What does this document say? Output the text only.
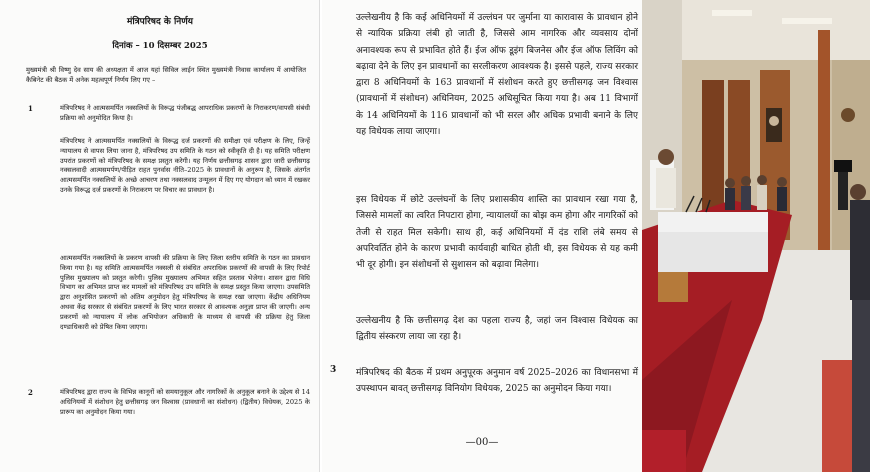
मंत्रिपरिषद के निर्णय
दिनांक – 10 दिसम्बर 2025
मुख्यमंत्री श्री विष्णु देव साय की अध्यक्षता में आज यहां सिविल लाईन स्थित मुख्यमंत्री निवास कार्यालय में आयोजित कैबिनेट की बैठक में अनेक महत्वपूर्ण निर्णय लिए गए –
1	मंत्रिपरिषद ने आत्मसमर्पित नक्सलियों के विरूद्ध पंजीबद्ध आपराधिक प्रकरणों के निराकरण/वापसी संबंधी प्रक्रिया को अनुमोदित किया है।
मंत्रिपरिषद ने आत्मसमर्पित नक्सलियों के विरूद्ध दर्ज प्रकरणों की समीक्षा एवं परीक्षण के लिए, जिन्हें न्यायालय से वापस लिया जाना है, मंत्रिपरिषद उप समिति के गठन को स्वीकृति दी है। यह समिति परीक्षण उपरांत प्रकरणों को मंत्रिपरिषद के समक्ष प्रस्तुत करेगी। यह निर्णय छत्तीसगढ़ शासन द्वारा जारी छत्तीसगढ़ नक्सलवादी आत्मसमर्पण/पीड़ित राहत पुनर्वास नीति–2025 के प्रावधानों के अनुरूप है, जिसके अंतर्गत आत्मसमर्पित नक्सलियों के अच्छे आचरण तथा नक्सलवाद उन्मूलन में दिए गए योगदान को ध्यान में रखकर उनके विरूद्ध दर्ज प्रकरणों के निराकरण पर विचार का प्रावधान है।
आत्मसमर्पित नक्सलियों के प्रकरण वापसी की प्रक्रिया के लिए जिला स्तरीय समिति के गठन का प्रावधान किया गया है। यह समिति आत्मसमर्पित नक्सली से संबंधित अपराधिक प्रकरणों की वापसी के लिए रिपोर्ट पुलिस मुख्यालय को प्रस्तुत करेगी। पुलिस मुख्यालय अभिमत सहित प्रस्ताव भेजेगा। शासन द्वारा विधि विभाग का अभिमत प्राप्त कर मामलों को मंत्रिपरिषद उप समिति के समक्ष प्रस्तुत किया जाएगा। उपसमिति द्वारा अनुशंसित प्रकरणों को अंतिम अनुमोदन हेतु मंत्रिपरिषद के समक्ष रखा जाएगा। केंद्रीय अधिनियम अथवा केंद्र सरकार से संबंधित प्रकरणों के लिए भारत सरकार से आवश्यक अनुज्ञा प्राप्त की जाएगी। अन्य प्रकरणों को न्यायालय में लोक अभियोजन अधिकारी के माध्यम से वापसी की प्रक्रिया हेतु जिला दण्डाधिकारी को प्रेषित किया जाएगा।
2	मंत्रिपरिषद द्वारा राज्य के विभिन्न कानूनों को समयानुकूल और नागरिकों के अनुकूल बनाने के उद्देश्य से 14 अधिनियमों में संशोधन हेतु छत्तीसगढ़ जन विश्वास (प्रावधानों का संशोधन) (द्वितीय) विधेयक, 2025 के प्रारूप का अनुमोदन किया गया।
उल्लेखनीय है कि कई अधिनियमों में उल्लंघन पर जुर्माना या कारावास के प्रावधान होने से न्यायिक प्रक्रिया लंबी हो जाती है, जिससे आम नागरिक और व्यवसाय दोनों अनावश्यक रूप से प्रभावित होते हैं। ईज ऑफ डूइंग बिजनेस और ईज ऑफ लिविंग को बढ़ावा देने के लिए इन प्रावधानों का सरलीकरण आवश्यक है। इससे पहले, राज्य सरकार द्वारा 8 अधिनियमों के 163 प्रावधानों में संशोधन करते हुए छत्तीसगढ़ जन विश्वास (प्रावधानों में संशोधन) अधिनियम, 2025 अधिसूचित किया गया है। अब 11 विभागों के 14 अधिनियमों के 116 प्रावधानों को भी सरल और अधिक प्रभावी बनाने के लिए यह विधेयक लाया जाएगा।
इस विधेयक में छोटे उल्लंघनों के लिए प्रशासकीय शास्ति का प्रावधान रखा गया है, जिससे मामलों का त्वरित निपटारा होगा, न्यायालयों का बोझ कम होगा और नागरिकों को तेजी से राहत मिल सकेगी। साथ ही, कई अधिनियमों में दंड राशि लंबे समय से अपरिवर्तित होने के कारण प्रभावी कार्यवाही बाधित होती थी, इस विधेयक से यह कमी भी दूर होगी। इन संशोधनों से सुशासन को बढ़ावा मिलेगा।
उल्लेखनीय है कि छत्तीसगढ़ देश का पहला राज्य है, जहां जन विश्वास विधेयक का द्वितीय संस्करण लाया जा रहा है।
3 मंत्रिपरिषद की बैठक में प्रथम अनुपूरक अनुमान वर्ष 2025–2026 का विधानसभा में उपस्थापन बावत् छत्तीसगढ़ विनियोग विधेयक, 2025 का अनुमोदन किया गया।
—00—
